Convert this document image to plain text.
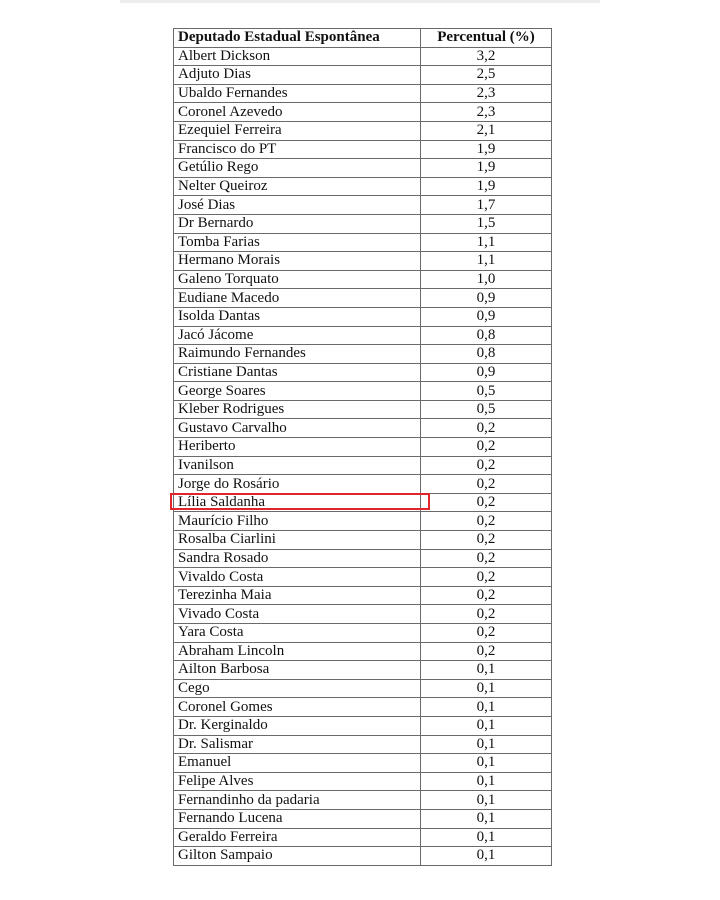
Deputado Estadual Espontânea	Percentual (%)
Albert Dickson	3,2
Adjuto Dias	2,5
Ubaldo Fernandes	2,3
Coronel Azevedo	2,3
Ezequiel Ferreira	2,1
Francisco do PT	1,9
Getúlio Rego	1,9
Nelter Queiroz	1,9
José Dias	1,7
Dr Bernardo	1,5
Tomba Farias	1,1
Hermano Morais	1,1
Galeno Torquato	1,0
Eudiane Macedo	0,9
Isolda Dantas	0,9
Jacó Jácome	0,8
Raimundo Fernandes	0,8
Cristiane Dantas	0,9
George Soares	0,5
Kleber Rodrigues	0,5
Gustavo Carvalho	0,2
Heriberto	0,2
Ivanilson	0,2
Jorge do Rosário	0,2
Lília Saldanha	0,2
Maurício Filho	0,2
Rosalba Ciarlini	0,2
Sandra Rosado	0,2
Vivaldo Costa	0,2
Terezinha Maia	0,2
Vivado Costa	0,2
Yara Costa	0,2
Abraham Lincoln	0,2
Ailton Barbosa	0,1
Cego	0,1
Coronel Gomes	0,1
Dr. Kerginaldo	0,1
Dr. Salismar	0,1
Emanuel	0,1
Felipe Alves	0,1
Fernandinho da padaria	0,1
Fernando Lucena	0,1
Geraldo Ferreira	0,1
Gilton Sampaio	0,1
